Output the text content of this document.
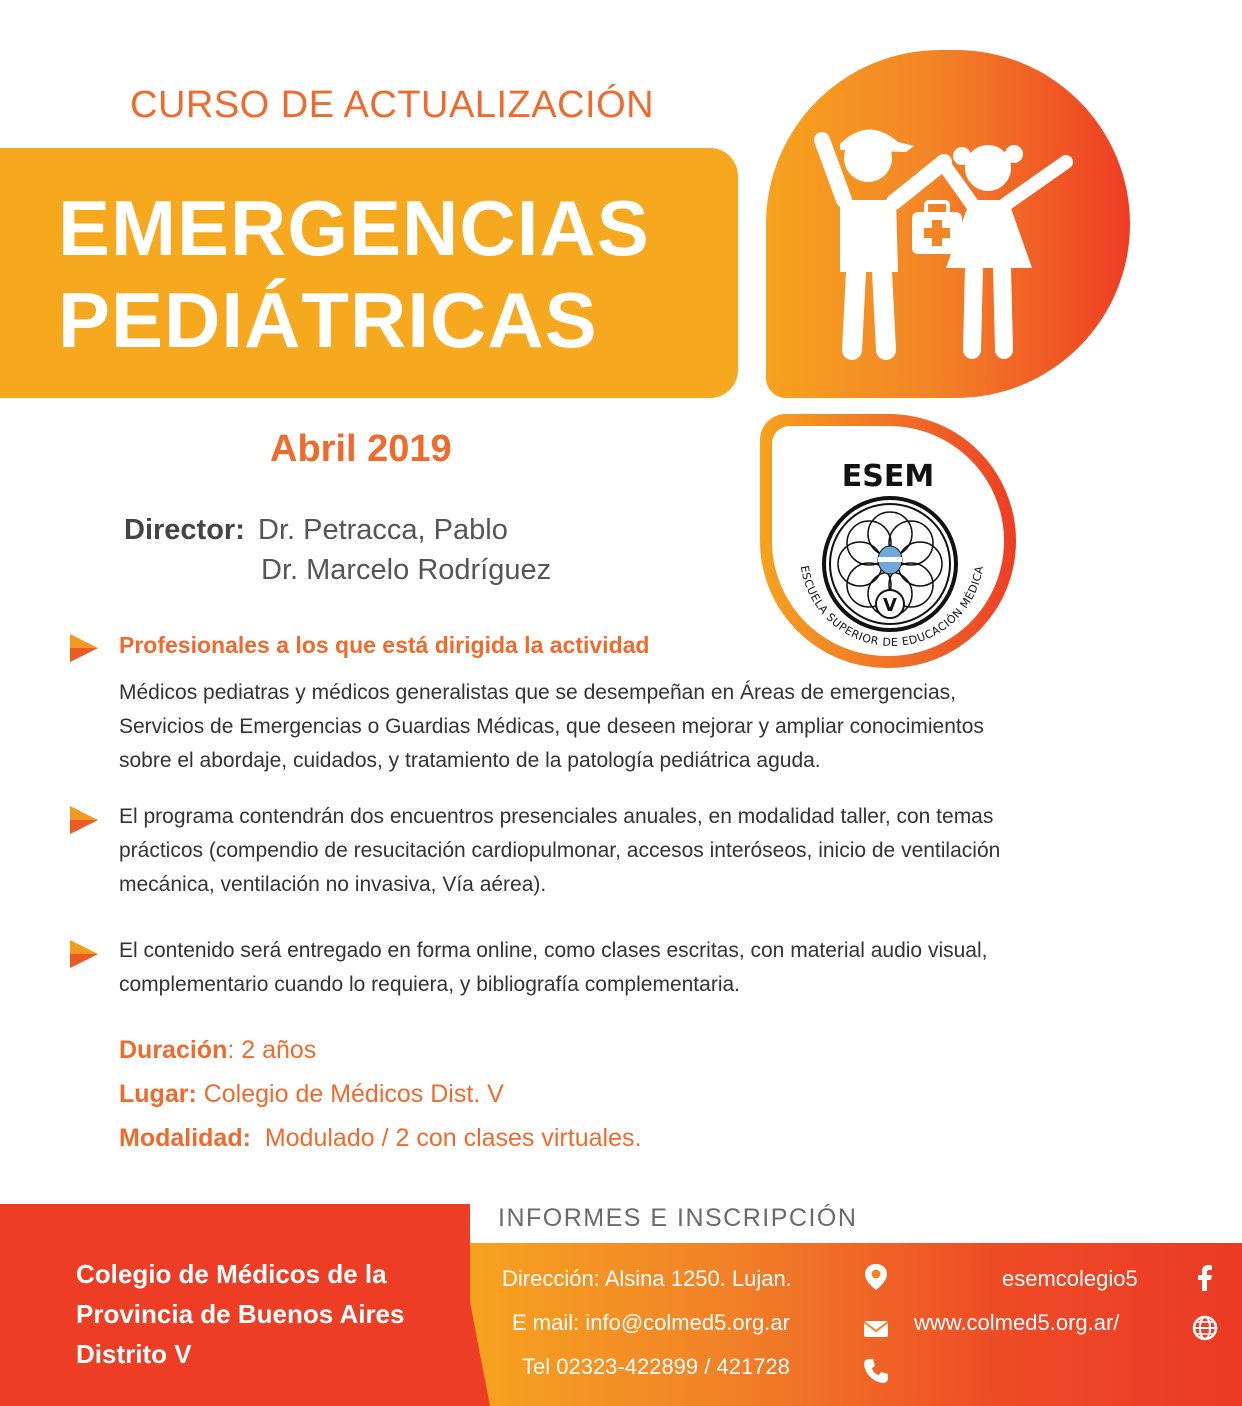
CURSO DE ACTUALIZACIÓN
EMERGENCIAS
PEDIÁTRICAS
ESEM
V
ESCUELA SUPERIOR DE EDUCACIÓN MÉDICA
Abril 2019
Director: Dr. Petracca, Pablo
Dr. Marcelo Rodríguez
Profesionales a los que está dirigida la actividad
Médicos pediatras y médicos generalistas que se desempeñan en Áreas de emergencias,
Servicios de Emergencias o Guardias Médicas, que deseen mejorar y ampliar conocimientos
sobre el abordaje, cuidados, y tratamiento de la patología pediátrica aguda.
El programa contendrán dos encuentros presenciales anuales, en modalidad taller, con temas
prácticos (compendio de resucitación cardiopulmonar, accesos interóseos, inicio de ventilación
mecánica, ventilación no invasiva, Vía aérea).
El contenido será entregado en forma online, como clases escritas, con material audio visual,
complementario cuando lo requiera, y bibliografía complementaria.
Duración: 2 años
Lugar: Colegio de Médicos Dist. V
Modalidad:  Modulado / 2 con clases virtuales.
Colegio de Médicos de la
Provincia de Buenos Aires
Distrito V
INFORMES E INSCRIPCIÓN
Dirección: Alsina 1250. Lujan.
E mail: info@colmed5.org.ar
Tel 02323-422899 / 421728
esemcolegio5
www.colmed5.org.ar/
